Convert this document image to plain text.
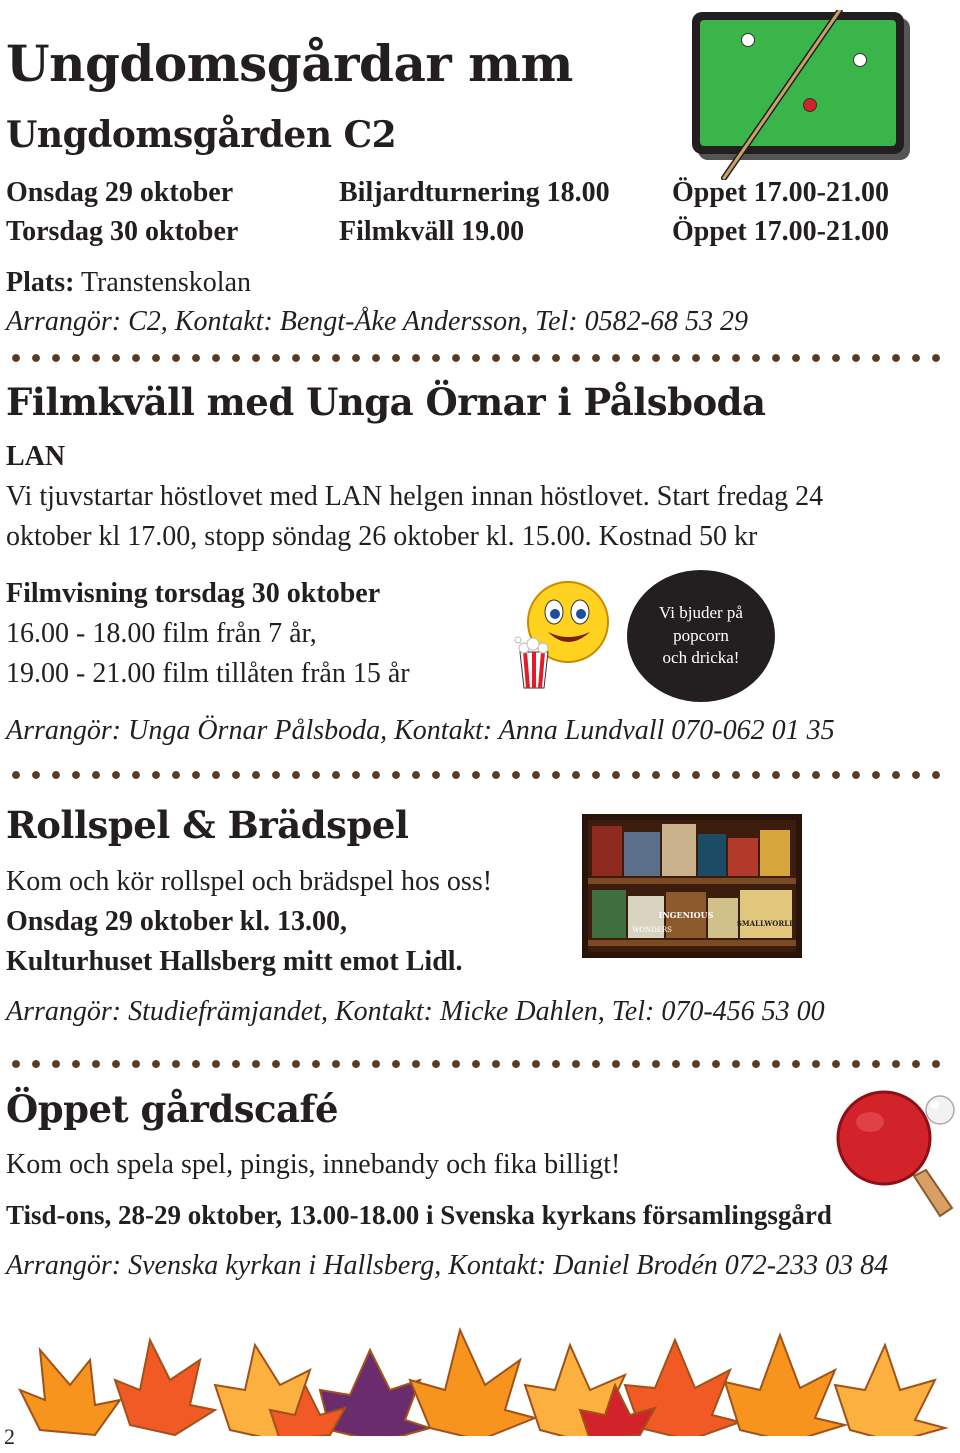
Ungdomsgårdar mm
Ungdomsgården C2
Onsdag 29 oktober	Biljardturnering 18.00	Öppet 17.00-21.00
Torsdag 30 oktober	Filmkväll 19.00	Öppet 17.00-21.00
Plats: Transtenskolan
Arrangör: C2, Kontakt: Bengt-Åke Andersson, Tel: 0582-68 53 29
Filmkväll med Unga Örnar i Pålsboda
LAN
Vi tjuvstartar höstlovet med LAN helgen innan höstlovet. Start fredag 24
oktober kl 17.00, stopp söndag 26 oktober kl. 15.00. Kostnad 50 kr
Filmvisning torsdag 30 oktober
16.00 - 18.00 film från 7 år,
19.00 - 21.00 film tillåten från 15 år
Vi bjuder på
popcorn
och dricka!
Arrangör: Unga Örnar Pålsboda, Kontakt: Anna Lundvall 070-062 01 35
Rollspel & Brädspel
Kom och kör rollspel och brädspel hos oss!
Onsdag 29 oktober kl. 13.00,
Kulturhuset Hallsberg mitt emot Lidl.
INGENIOUS
WONDERS
SMALLWORLD
Arrangör: Studiefrämjandet, Kontakt: Micke Dahlen, Tel: 070-456 53 00
Öppet gårdscafé
Kom och spela spel, pingis, innebandy och fika billigt!
Tisd-ons, 28-29 oktober, 13.00-18.00 i Svenska kyrkans församlingsgård
Arrangör: Svenska kyrkan i Hallsberg, Kontakt: Daniel Brodén 072-233 03 84
2
